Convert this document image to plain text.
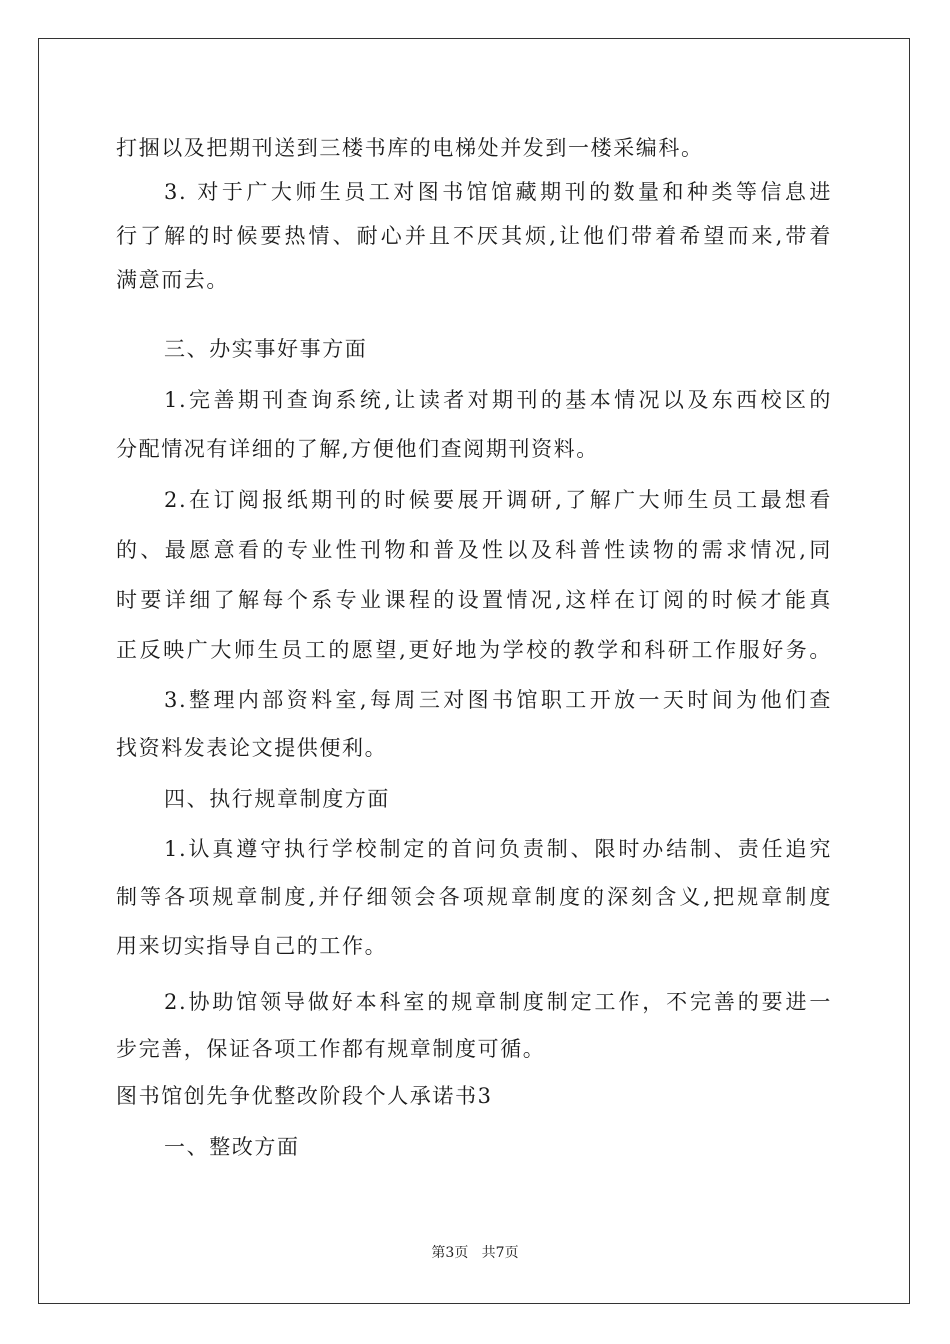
打捆以及把期刊送到三楼书库的电梯处并发到一楼采编科。
3. 对于广大师生员工对图书馆馆藏期刊的数量和种类等信息进
行了解的时候要热情、耐心并且不厌其烦,让他们带着希望而来,带着
满意而去。
三、办实事好事方面
1.完善期刊查询系统,让读者对期刊的基本情况以及东西校区的
分配情况有详细的了解,方便他们查阅期刊资料。
2.在订阅报纸期刊的时候要展开调研,了解广大师生员工最想看
的、最愿意看的专业性刊物和普及性以及科普性读物的需求情况,同
时要详细了解每个系专业课程的设置情况,这样在订阅的时候才能真
正反映广大师生员工的愿望,更好地为学校的教学和科研工作服好务。
3.整理内部资料室,每周三对图书馆职工开放一天时间为他们查
找资料发表论文提供便利。
四、执行规章制度方面
1.认真遵守执行学校制定的首问负责制、限时办结制、责任追究
制等各项规章制度,并仔细领会各项规章制度的深刻含义,把规章制度
用来切实指导自己的工作。
2.协助馆领导做好本科室的规章制度制定工作，不完善的要进一
步完善，保证各项工作都有规章制度可循。
图书馆创先争优整改阶段个人承诺书3
一、整改方面
第3页   共7页
